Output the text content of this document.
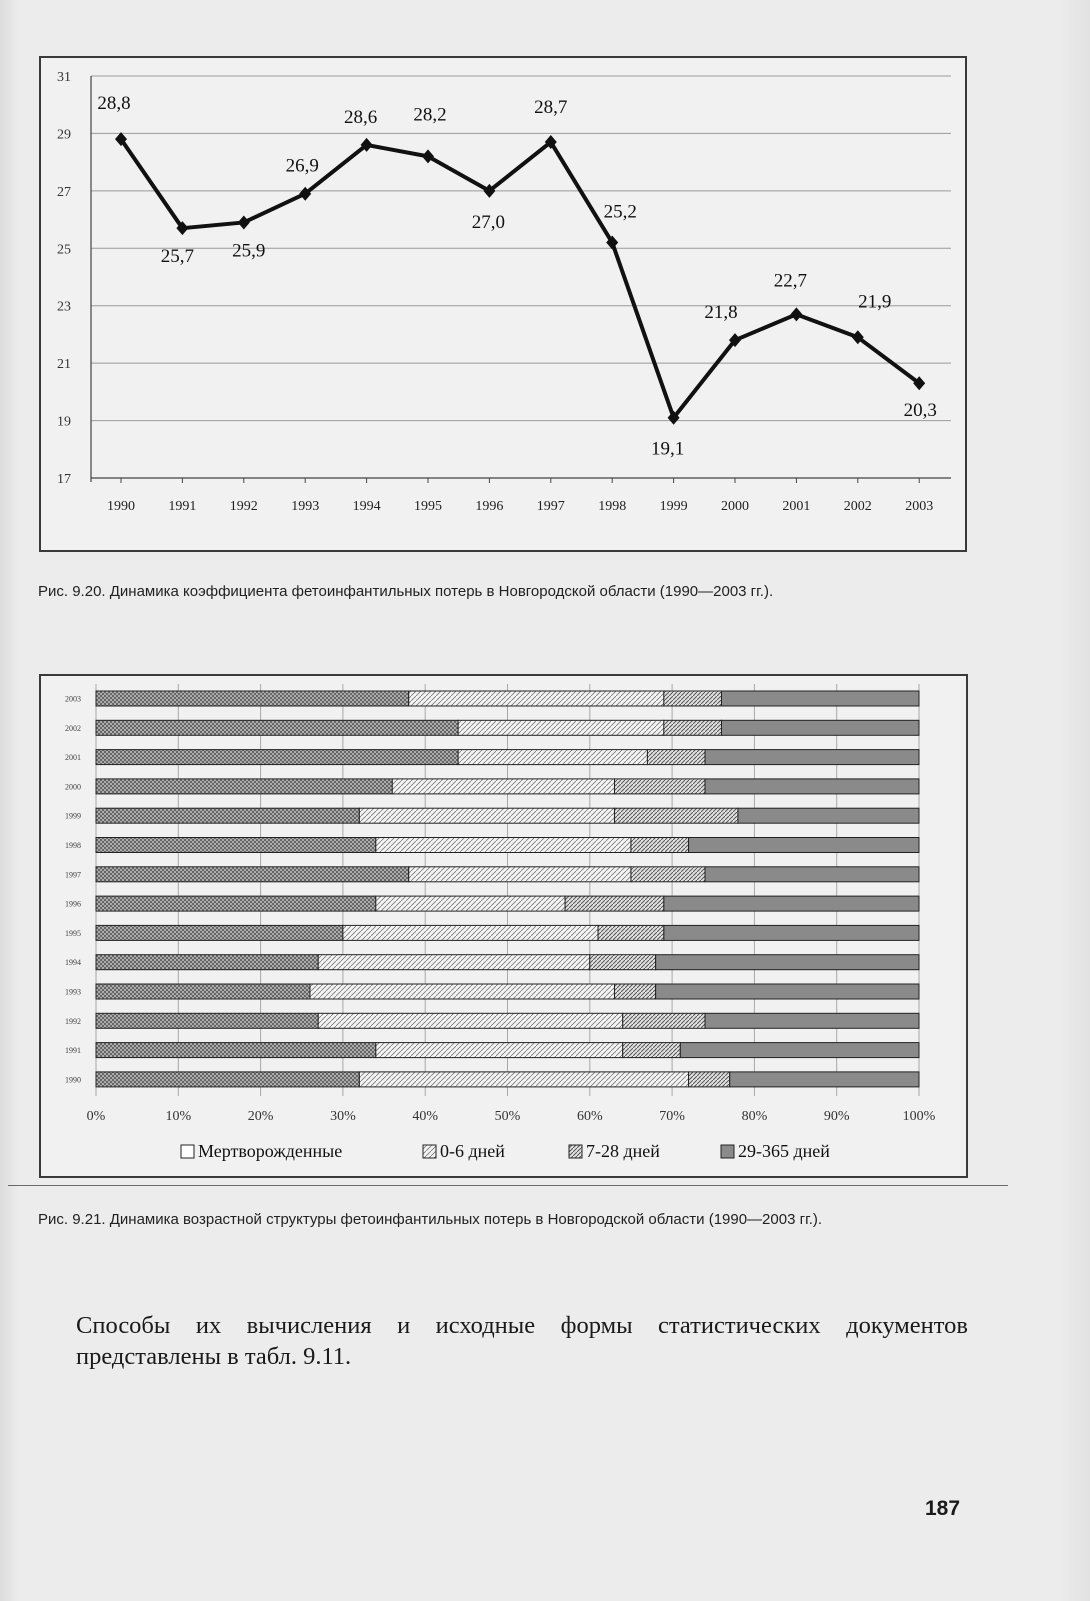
31
29
27
25
23
21
19
17
1990 1991 1992 1993 1994 1995 1996 1997 1998 1999 2000 2001 2002 2003
28,8
25,7 25,9
26,9
28,6 28,2
27,0
28,7
25,2
19,1
21,8
22,7
21,9
20,3
Рис. 9.20. Динамика коэффициента фетоинфантильных потерь в Новгородской области (1990—2003 гг.).
0%	10%	20%	30%	40%	50%	60%	70%	80%	90%	100%
2003
2002
2001
2000
1999
1998
1997
1996
1995
1994
1993
1992
1991
1990
Мертворожденные	0-6 дней	7-28 дней	29-365 дней
Рис. 9.21. Динамика возрастной структуры фетоинфантильных потерь в Новгородской области (1990—2003 гг.).
Способы их вычисления и исходные формы статистических документов представлены в табл. 9.11.
187
